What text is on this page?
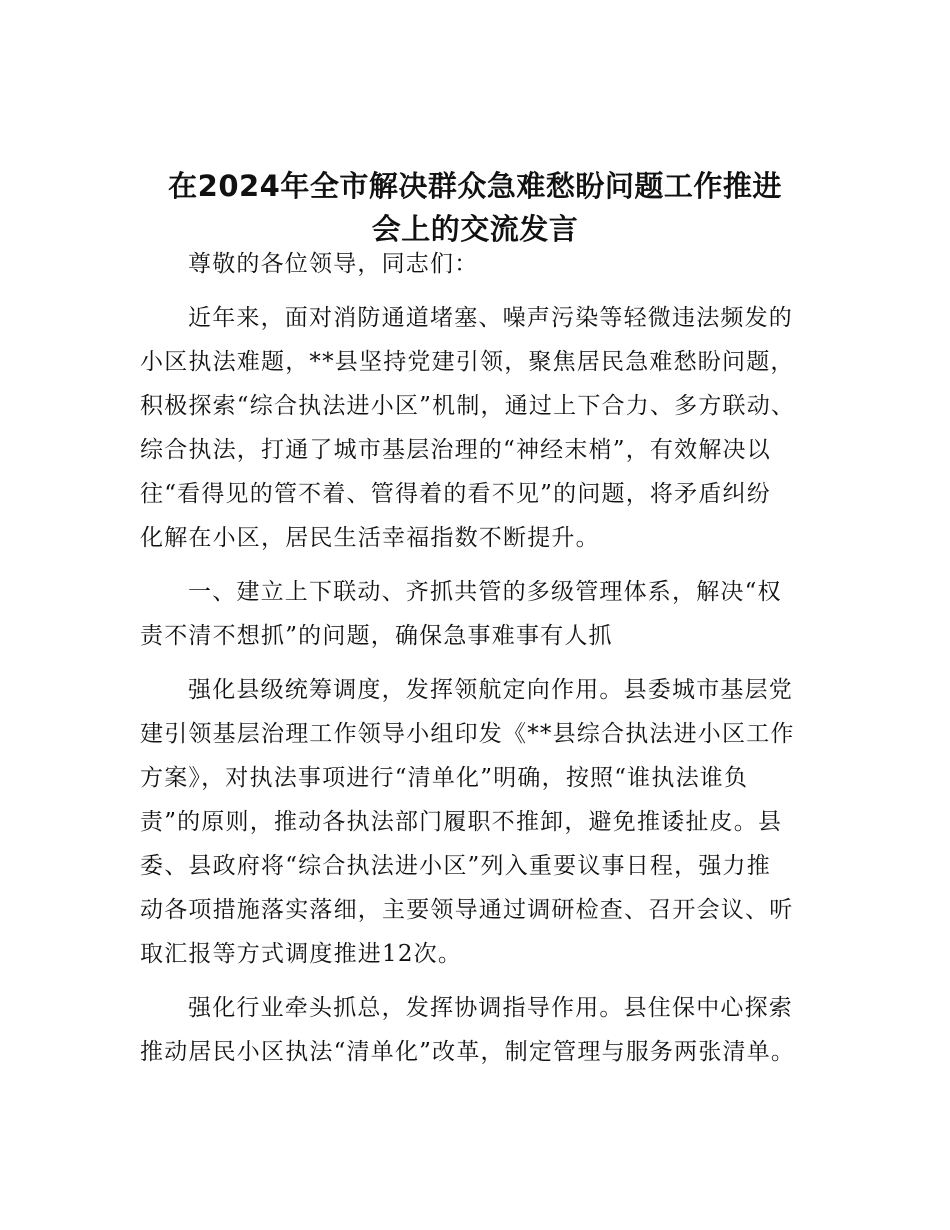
在2024年全市解决群众急难愁盼问题工作推进
会上的交流发言

尊敬的各位领导，同志们：

近年来，面对消防通道堵塞、噪声污染等轻微违法频发的
小区执法难题，**县坚持党建引领，聚焦居民急难愁盼问题，
积极探索“综合执法进小区”机制，通过上下合力、多方联动、
综合执法，打通了城市基层治理的“神经末梢”，有效解决以
往“看得见的管不着、管得着的看不见”的问题，将矛盾纠纷
化解在小区，居民生活幸福指数不断提升。

一、建立上下联动、齐抓共管的多级管理体系，解决“权
责不清不想抓”的问题，确保急事难事有人抓

强化县级统筹调度，发挥领航定向作用。县委城市基层党
建引领基层治理工作领导小组印发《**县综合执法进小区工作
方案》，对执法事项进行“清单化”明确，按照“谁执法谁负
责”的原则，推动各执法部门履职不推卸，避免推诿扯皮。县
委、县政府将“综合执法进小区”列入重要议事日程，强力推
动各项措施落实落细，主要领导通过调研检查、召开会议、听
取汇报等方式调度推进12次。

强化行业牵头抓总，发挥协调指导作用。县住保中心探索
推动居民小区执法“清单化”改革，制定管理与服务两张清单。
